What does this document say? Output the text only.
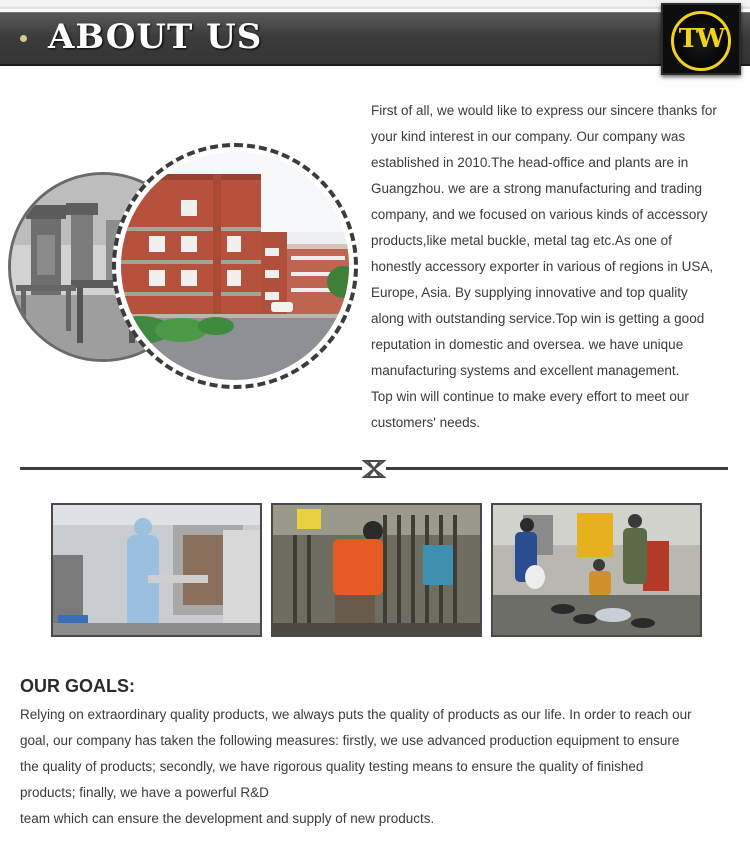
ABOUT US	TW

First of all, we would like to express our sincere thanks for

your kind interest in our company. Our company was

established in 2010.The head-office and plants are in

Guangzhou. we are a strong manufacturing and trading

company, and we focused on various kinds of accessory

products,like metal buckle, metal tag etc.As one of

honestly accessory exporter in various of regions in USA,

Europe, Asia. By supplying innovative and top quality

along with outstanding service.Top win is getting a good

reputation in domestic and oversea. we have unique

manufacturing systems and excellent management.

Top win will continue to make every effort to meet our

customers' needs.

OUR GOALS:

Relying on extraordinary quality products, we always puts the quality of products as our life. In order to reach our

goal, our company has taken the following measures: firstly, we use advanced production equipment to ensure

the quality of products; secondly, we have rigorous quality testing means to ensure the quality of finished

products; finally, we have a powerful R&D

team which can ensure the development and supply of new products.
